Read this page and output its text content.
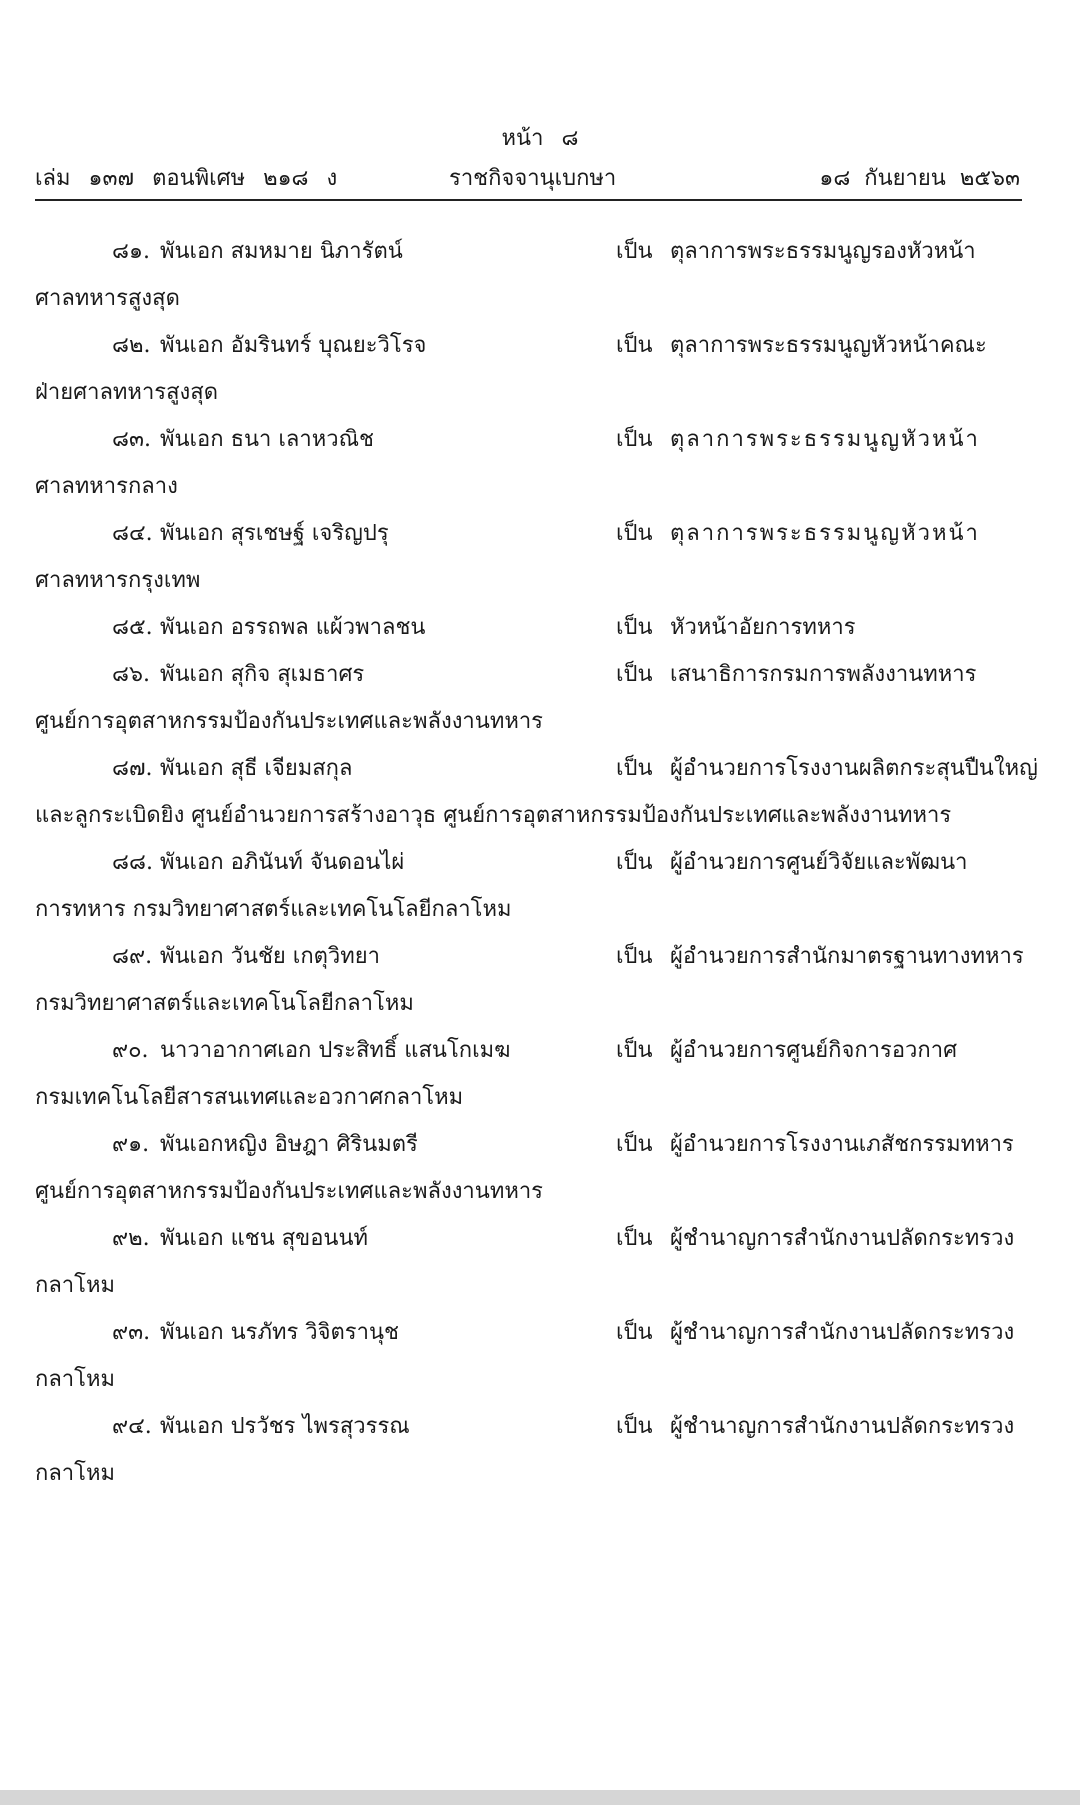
หน้า ๘
เล่ม ๑๓๗ ตอนพิเศษ ๒๑๘ ง	ราชกิจจานุเบกษา	๑๘ กันยายน ๒๕๖๓
๘๑. พันเอก สมหมาย นิภารัตน์	เป็น ตุลาการพระธรรมนูญรองหัวหน้า
ศาลทหารสูงสุด
๘๒. พันเอก อัมรินทร์ บุณยะวิโรจ	เป็น ตุลาการพระธรรมนูญหัวหน้าคณะ
ฝ่ายศาลทหารสูงสุด
๘๓. พันเอก ธนา เลาหวณิช	เป็น ตุลาการพระธรรมนูญหัวหน้า
ศาลทหารกลาง
๘๔. พันเอก สุรเชษฐ์ เจริญปรุ	เป็น ตุลาการพระธรรมนูญหัวหน้า
ศาลทหารกรุงเทพ
๘๕. พันเอก อรรถพล แผ้วพาลชน	เป็น หัวหน้าอัยการทหาร
๘๖. พันเอก สุกิจ สุเมธาศร	เป็น เสนาธิการกรมการพลังงานทหาร
ศูนย์การอุตสาหกรรมป้องกันประเทศและพลังงานทหาร
๘๗. พันเอก สุธี เจียมสกุล	เป็น ผู้อำนวยการโรงงานผลิตกระสุนปืนใหญ่
และลูกระเบิดยิง ศูนย์อำนวยการสร้างอาวุธ ศูนย์การอุตสาหกรรมป้องกันประเทศและพลังงานทหาร
๘๘. พันเอก อภินันท์ จันดอนไผ่	เป็น ผู้อำนวยการศูนย์วิจัยและพัฒนา
การทหาร กรมวิทยาศาสตร์และเทคโนโลยีกลาโหม
๘๙. พันเอก วันชัย เกตุวิทยา	เป็น ผู้อำนวยการสำนักมาตรฐานทางทหาร
กรมวิทยาศาสตร์และเทคโนโลยีกลาโหม
๙๐. นาวาอากาศเอก ประสิทธิ์ แสนโกเมฆ	เป็น ผู้อำนวยการศูนย์กิจการอวกาศ
กรมเทคโนโลยีสารสนเทศและอวกาศกลาโหม
๙๑. พันเอกหญิง อิษฎา ศิรินมตรี	เป็น ผู้อำนวยการโรงงานเภสัชกรรมทหาร
ศูนย์การอุตสาหกรรมป้องกันประเทศและพลังงานทหาร
๙๒. พันเอก แชน สุขอนนท์	เป็น ผู้ชำนาญการสำนักงานปลัดกระทรวง
กลาโหม
๙๓. พันเอก นรภัทร วิจิตรานุช	เป็น ผู้ชำนาญการสำนักงานปลัดกระทรวง
กลาโหม
๙๔. พันเอก ปรวัชร ไพรสุวรรณ	เป็น ผู้ชำนาญการสำนักงานปลัดกระทรวง
กลาโหม
